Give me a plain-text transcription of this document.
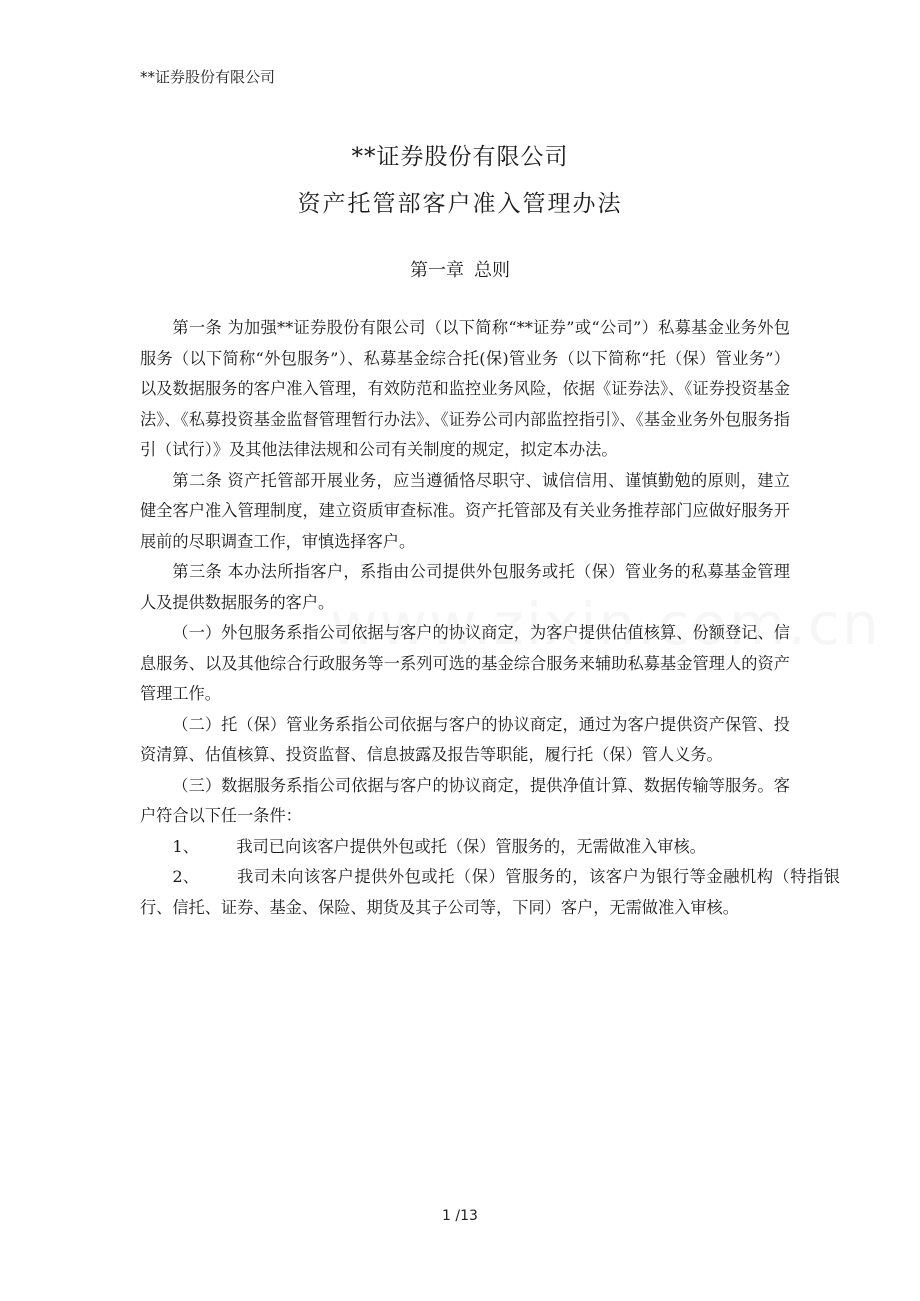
**证券股份有限公司
**证券股份有限公司
资产托管部客户准入管理办法
第一章 总则

第一条 为加强**证券股份有限公司（以下简称“**证券”或“公司”）私募基金业务外包服务（以下简称“外包服务”）、私募基金综合托(保)管业务（以下简称“托（保）管业务”）以及数据服务的客户准入管理，有效防范和监控业务风险，依据《证券法》、《证券投资基金法》、《私募投资基金监督管理暂行办法》、《证券公司内部监控指引》、《基金业务外包服务指引（试行）》及其他法律法规和公司有关制度的规定，拟定本办法。

第二条 资产托管部开展业务，应当遵循恪尽职守、诚信信用、谨慎勤勉的原则，建立健全客户准入管理制度，建立资质审查标准。资产托管部及有关业务推荐部门应做好服务开展前的尽职调查工作，审慎选择客户。

第三条 本办法所指客户，系指由公司提供外包服务或托（保）管业务的私募基金管理人及提供数据服务的客户。

（一）外包服务系指公司依据与客户的协议商定，为客户提供估值核算、份额登记、信息服务、以及其他综合行政服务等一系列可选的基金综合服务来辅助私募基金管理人的资产管理工作。

（二）托（保）管业务系指公司依据与客户的协议商定，通过为客户提供资产保管、投资清算、估值核算、投资监督、信息披露及报告等职能，履行托（保）管人义务。

（三）数据服务系指公司依据与客户的协议商定，提供净值计算、数据传输等服务。客户符合以下任一条件：

1、 我司已向该客户提供外包或托（保）管服务的，无需做准入审核。

2、 我司未向该客户提供外包或托（保）管服务的，该客户为银行等金融机构（特指银行、信托、证券、基金、保险、期货及其子公司等，下同）客户，无需做准入审核。

1 /13
